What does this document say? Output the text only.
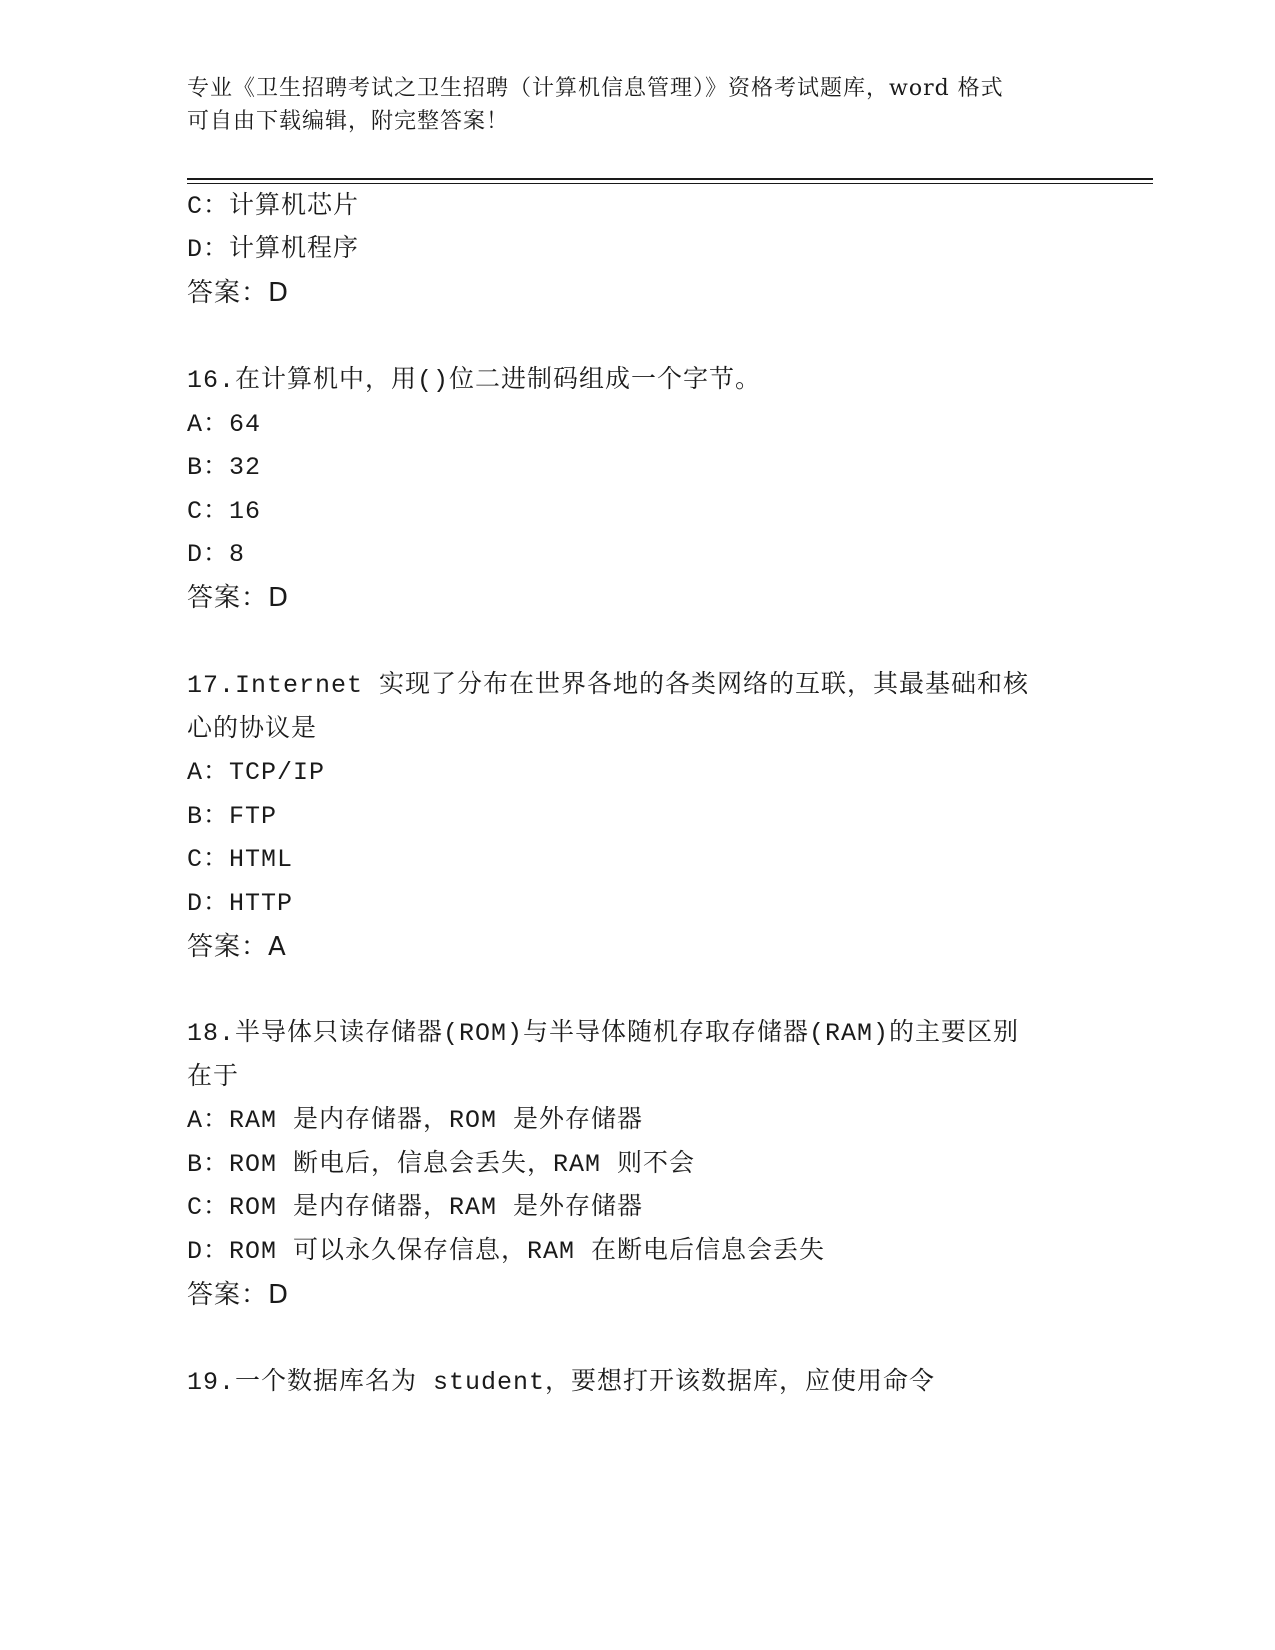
专业《卫生招聘考试之卫生招聘（计算机信息管理）》资格考试题库，word 格式
可自由下载编辑，附完整答案！
C：计算机芯片
D：计算机程序
答案：D
16.在计算机中，用()位二进制码组成一个字节。
A：64
B：32
C：16
D：8
答案：D
17.Internet 实现了分布在世界各地的各类网络的互联，其最基础和核
心的协议是
A：TCP/IP
B：FTP
C：HTML
D：HTTP
答案：A
18.半导体只读存储器(ROM)与半导体随机存取存储器(RAM)的主要区别
在于
A：RAM 是内存储器，ROM 是外存储器
B：ROM 断电后，信息会丢失，RAM 则不会
C：ROM 是内存储器，RAM 是外存储器
D：ROM 可以永久保存信息，RAM 在断电后信息会丢失
答案：D
19.一个数据库名为 student，要想打开该数据库，应使用命令
